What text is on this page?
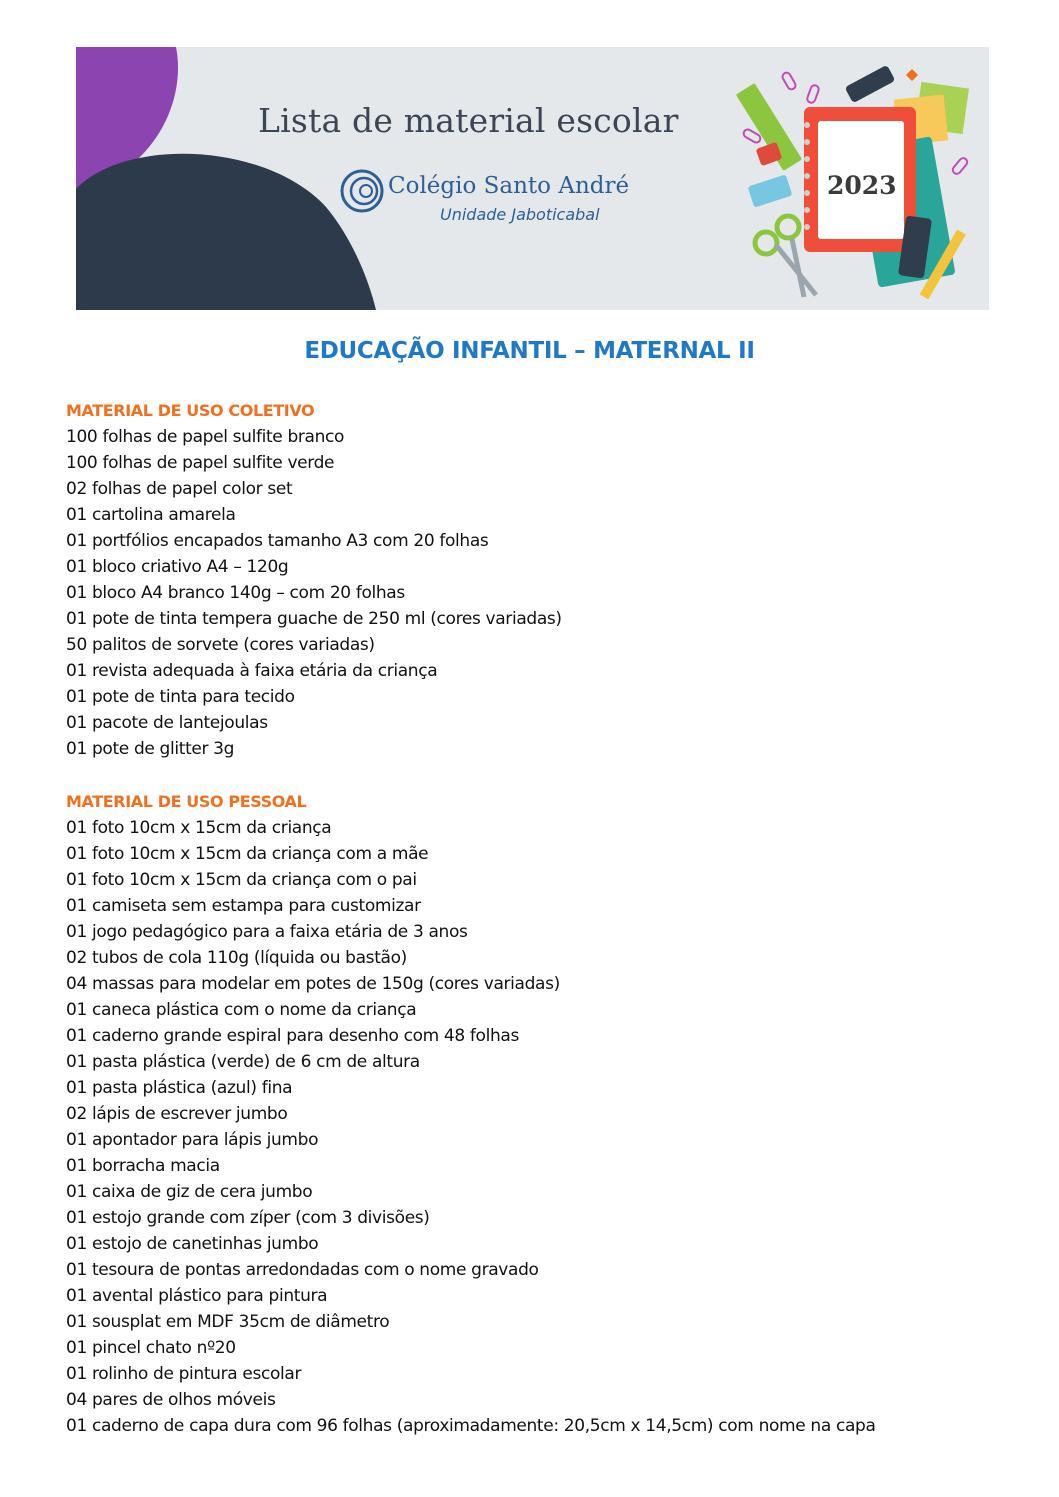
Lista de material escolar
Colégio Santo André
Unidade Jaboticabal
2023
EDUCAÇÃO INFANTIL – MATERNAL II
MATERIAL DE USO COLETIVO
100 folhas de papel sulfite branco
100 folhas de papel sulfite verde
02 folhas de papel color set
01 cartolina amarela
01 portfólios encapados tamanho A3 com 20 folhas
01 bloco criativo A4 – 120g
01 bloco A4 branco 140g – com 20 folhas
01 pote de tinta tempera guache de 250 ml (cores variadas)
50 palitos de sorvete (cores variadas)
01 revista adequada à faixa etária da criança
01 pote de tinta para tecido
01 pacote de lantejoulas
01 pote de glitter 3g
MATERIAL DE USO PESSOAL
01 foto 10cm x 15cm da criança
01 foto 10cm x 15cm da criança com a mãe
01 foto 10cm x 15cm da criança com o pai
01 camiseta sem estampa para customizar
01 jogo pedagógico para a faixa etária de 3 anos
02 tubos de cola 110g (líquida ou bastão)
04 massas para modelar em potes de 150g (cores variadas)
01 caneca plástica com o nome da criança
01 caderno grande espiral para desenho com 48 folhas
01 pasta plástica (verde) de 6 cm de altura
01 pasta plástica (azul) fina
02 lápis de escrever jumbo
01 apontador para lápis jumbo
01 borracha macia
01 caixa de giz de cera jumbo
01 estojo grande com zíper (com 3 divisões)
01 estojo de canetinhas jumbo
01 tesoura de pontas arredondadas com o nome gravado
01 avental plástico para pintura
01 sousplat em MDF 35cm de diâmetro
01 pincel chato nº20
01 rolinho de pintura escolar
04 pares de olhos móveis
01 caderno de capa dura com 96 folhas (aproximadamente: 20,5cm x 14,5cm) com nome na capa
